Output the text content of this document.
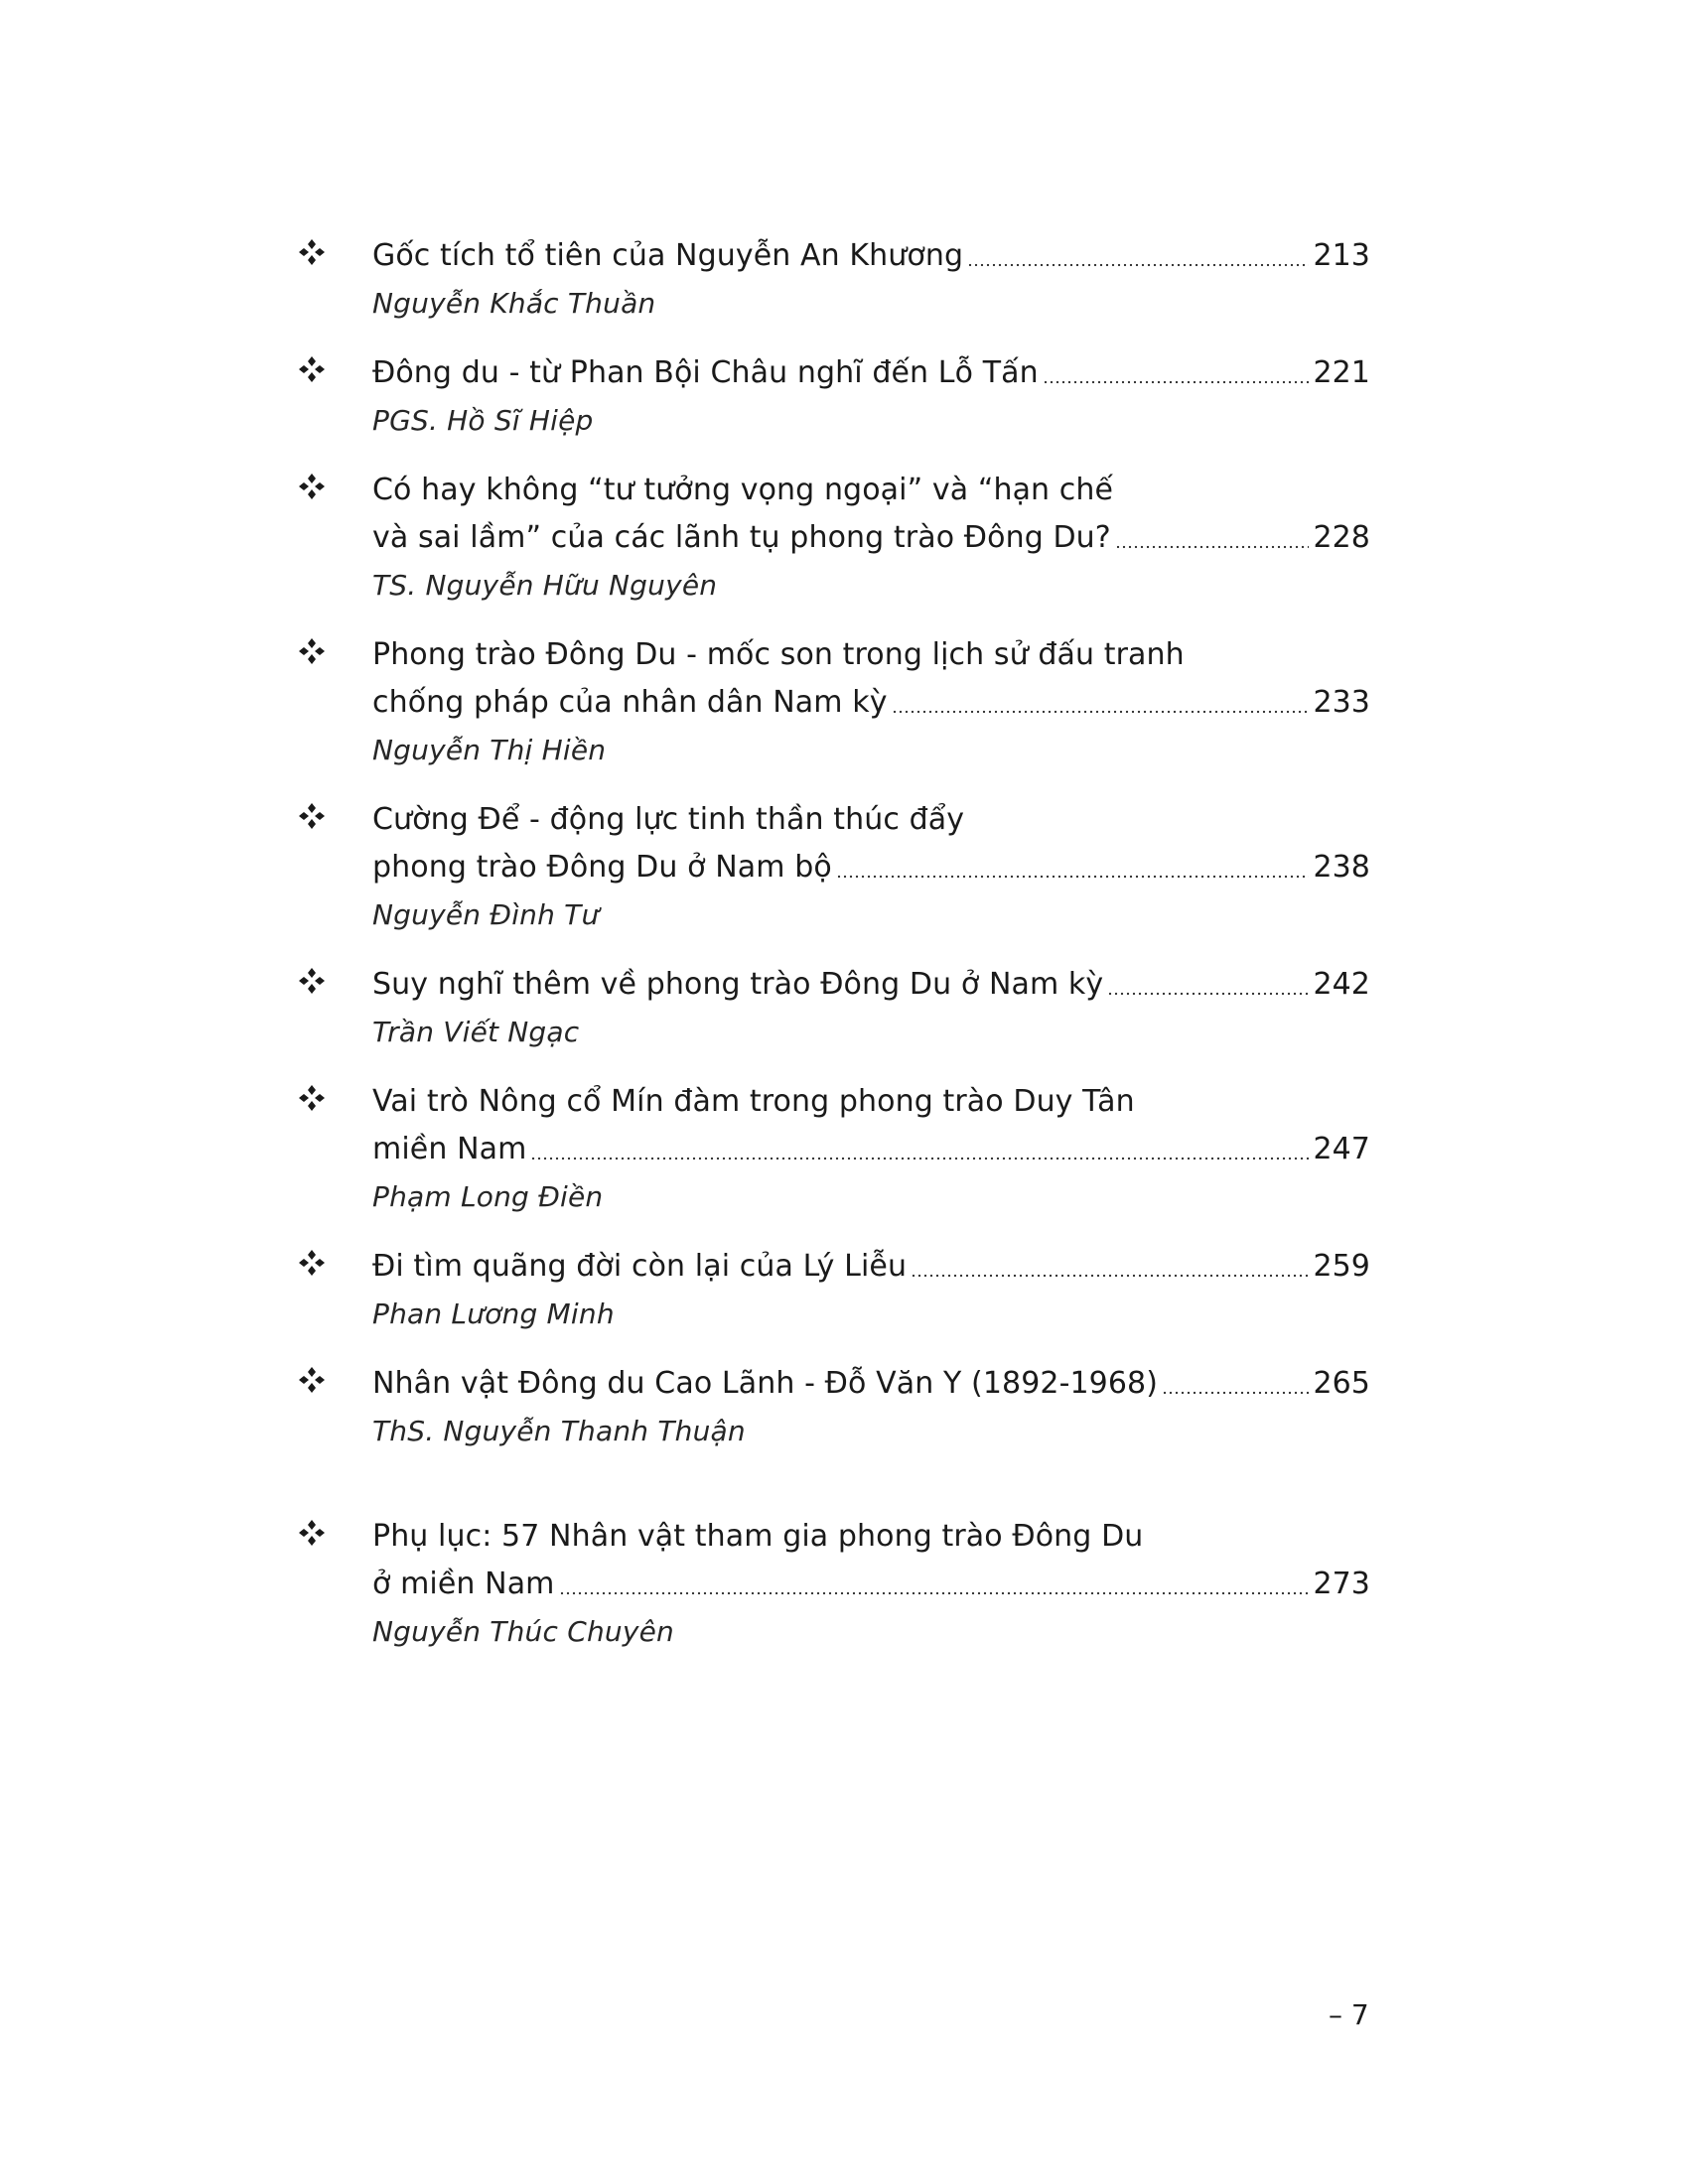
Gốc tích tổ tiên của Nguyễn An Khương	213
Nguyễn Khắc Thuần
Đông du - từ Phan Bội Châu nghĩ đến Lỗ Tấn	221
PGS. Hồ Sĩ Hiệp
Có hay không “tư tưởng vọng ngoại” và “hạn chế
và sai lầm” của các lãnh tụ phong trào Đông Du?	228
TS. Nguyễn Hữu Nguyên
Phong trào Đông Du - mốc son trong lịch sử đấu tranh
chống pháp của nhân dân Nam kỳ	233
Nguyễn Thị Hiền
Cường Để - động lực tinh thần thúc đẩy
phong trào Đông Du ở Nam bộ	238
Nguyễn Đình Tư
Suy nghĩ thêm về phong trào Đông Du ở Nam kỳ	242
Trần Viết Ngạc
Vai trò Nông cổ Mín đàm trong phong trào Duy Tân
miền Nam	247
Phạm Long Điền
Đi tìm quãng đời còn lại của Lý Liễu	259
Phan Lương Minh
Nhân vật Đông du Cao Lãnh - Đỗ Văn Y (1892-1968)	265
ThS. Nguyễn Thanh Thuận
Phụ lục: 57 Nhân vật tham gia phong trào Đông Du
ở miền Nam	273
Nguyễn Thúc Chuyên
– 7
